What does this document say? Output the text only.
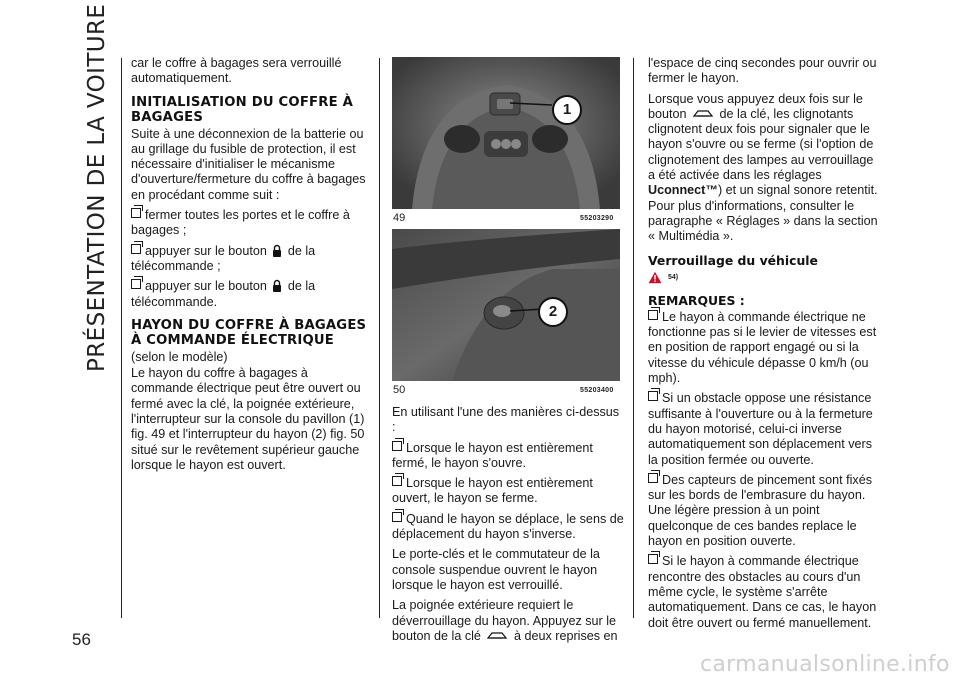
PRÉSENTATION DE LA VOITURE
56

car le coffre à bagages sera verrouillé automatiquement.

INITIALISATION DU COFFRE À BAGAGES

Suite à une déconnexion de la batterie ou au grillage du fusible de protection, il est nécessaire d'initialiser le mécanisme d'ouverture/fermeture du coffre à bagages en procédant comme suit :

fermer toutes les portes et le coffre à bagages ;

appuyer sur le bouton de la télécommande ;

appuyer sur le bouton de la télécommande.

HAYON DU COFFRE À BAGAGES À COMMANDE ÉLECTRIQUE

(selon le modèle)

Le hayon du coffre à bagages à commande électrique peut être ouvert ou fermé avec la clé, la poignée extérieure, l'interrupteur sur la console du pavillon (1) fig. 49 et l'interrupteur du hayon (2) fig. 50 situé sur le revêtement supérieur gauche lorsque le hayon est ouvert.

1
49	55203290
2
50	55203400

En utilisant l'une des manières ci-dessus :

Lorsque le hayon est entièrement fermé, le hayon s'ouvre.

Lorsque le hayon est entièrement ouvert, le hayon se ferme.

Quand le hayon se déplace, le sens de déplacement du hayon s'inverse.

Le porte-clés et le commutateur de la console suspendue ouvrent le hayon lorsque le hayon est verrouillé.

La poignée extérieure requiert le déverrouillage du hayon. Appuyez sur le bouton de la clé	à deux reprises en

l'espace de cinq secondes pour ouvrir ou fermer le hayon.

Lorsque vous appuyez deux fois sur le bouton	de la clé, les clignotants clignotent deux fois pour signaler que le hayon s'ouvre ou se ferme (si l'option de clignotement des lampes au verrouillage a été activée dans les réglages Uconnect™) et un signal sonore retentit. Pour plus d'informations, consulter le paragraphe « Réglages » dans la section « Multimédia ».

Verrouillage du véhicule
54)
REMARQUES :

Le hayon à commande électrique ne fonctionne pas si le levier de vitesses est en position de rapport engagé ou si la vitesse du véhicule dépasse 0 km/h (ou mph).

Si un obstacle oppose une résistance suffisante à l'ouverture ou à la fermeture du hayon motorisé, celui-ci inverse automatiquement son déplacement vers la position fermée ou ouverte.

Des capteurs de pincement sont fixés sur les bords de l'embrasure du hayon. Une légère pression à un point quelconque de ces bandes replace le hayon en position ouverte.

Si le hayon à commande électrique rencontre des obstacles au cours d'un même cycle, le système s'arrête automatiquement. Dans ce cas, le hayon doit être ouvert ou fermé manuellement.

carmanualsonline.info
